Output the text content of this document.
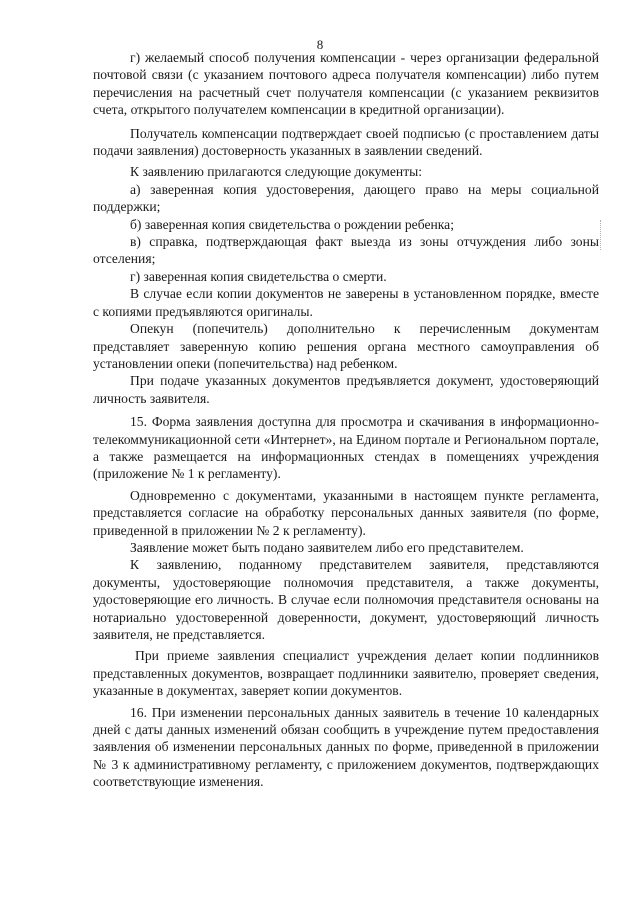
8

г) желаемый способ получения компенсации - через организации федеральной почтовой связи (с указанием почтового адреса получателя компенсации) либо путем перечисления на расчетный счет получателя компенсации (с указанием реквизитов счета, открытого получателем компенсации в кредитной организации).

Получатель компенсации подтверждает своей подписью (с проставлением даты подачи заявления) достоверность указанных в заявлении сведений.

К заявлению прилагаются следующие документы:

а) заверенная копия удостоверения, дающего право на меры социальной поддержки;

б) заверенная копия свидетельства о рождении ребенка;

в) справка, подтверждающая факт выезда из зоны отчуждения либо зоны отселения;

г) заверенная копия свидетельства о смерти.

В случае если копии документов не заверены в установленном порядке, вместе с копиями предъявляются оригиналы.

Опекун (попечитель) дополнительно к перечисленным документам представляет заверенную копию решения органа местного самоуправления об установлении опеки (попечительства) над ребенком.

При подаче указанных документов предъявляется документ, удостоверяющий личность заявителя.

15. Форма заявления доступна для просмотра и скачивания в информационно-телекоммуникационной сети «Интернет», на Едином портале и Региональном портале, а также размещается на информационных стендах в помещениях учреждения (приложение № 1 к регламенту).

Одновременно с документами, указанными в настоящем пункте регламента, представляется согласие на обработку персональных данных заявителя (по форме, приведенной в приложении № 2 к регламенту).

Заявление может быть подано заявителем либо его представителем.

К заявлению, поданному представителем заявителя, представляются документы, удостоверяющие полномочия представителя, а также документы, удостоверяющие его личность. В случае если полномочия представителя основаны на нотариально удостоверенной доверенности, документ, удостоверяющий личность заявителя, не представляется.

При приеме заявления специалист учреждения делает копии подлинников представленных документов, возвращает подлинники заявителю, проверяет сведения, указанные в документах, заверяет копии документов.

16. При изменении персональных данных заявитель в течение 10 календарных дней с даты данных изменений обязан сообщить в учреждение путем предоставления заявления об изменении персональных данных по форме, приведенной в приложении № 3 к административному регламенту, с приложением документов, подтверждающих соответствующие изменения.
